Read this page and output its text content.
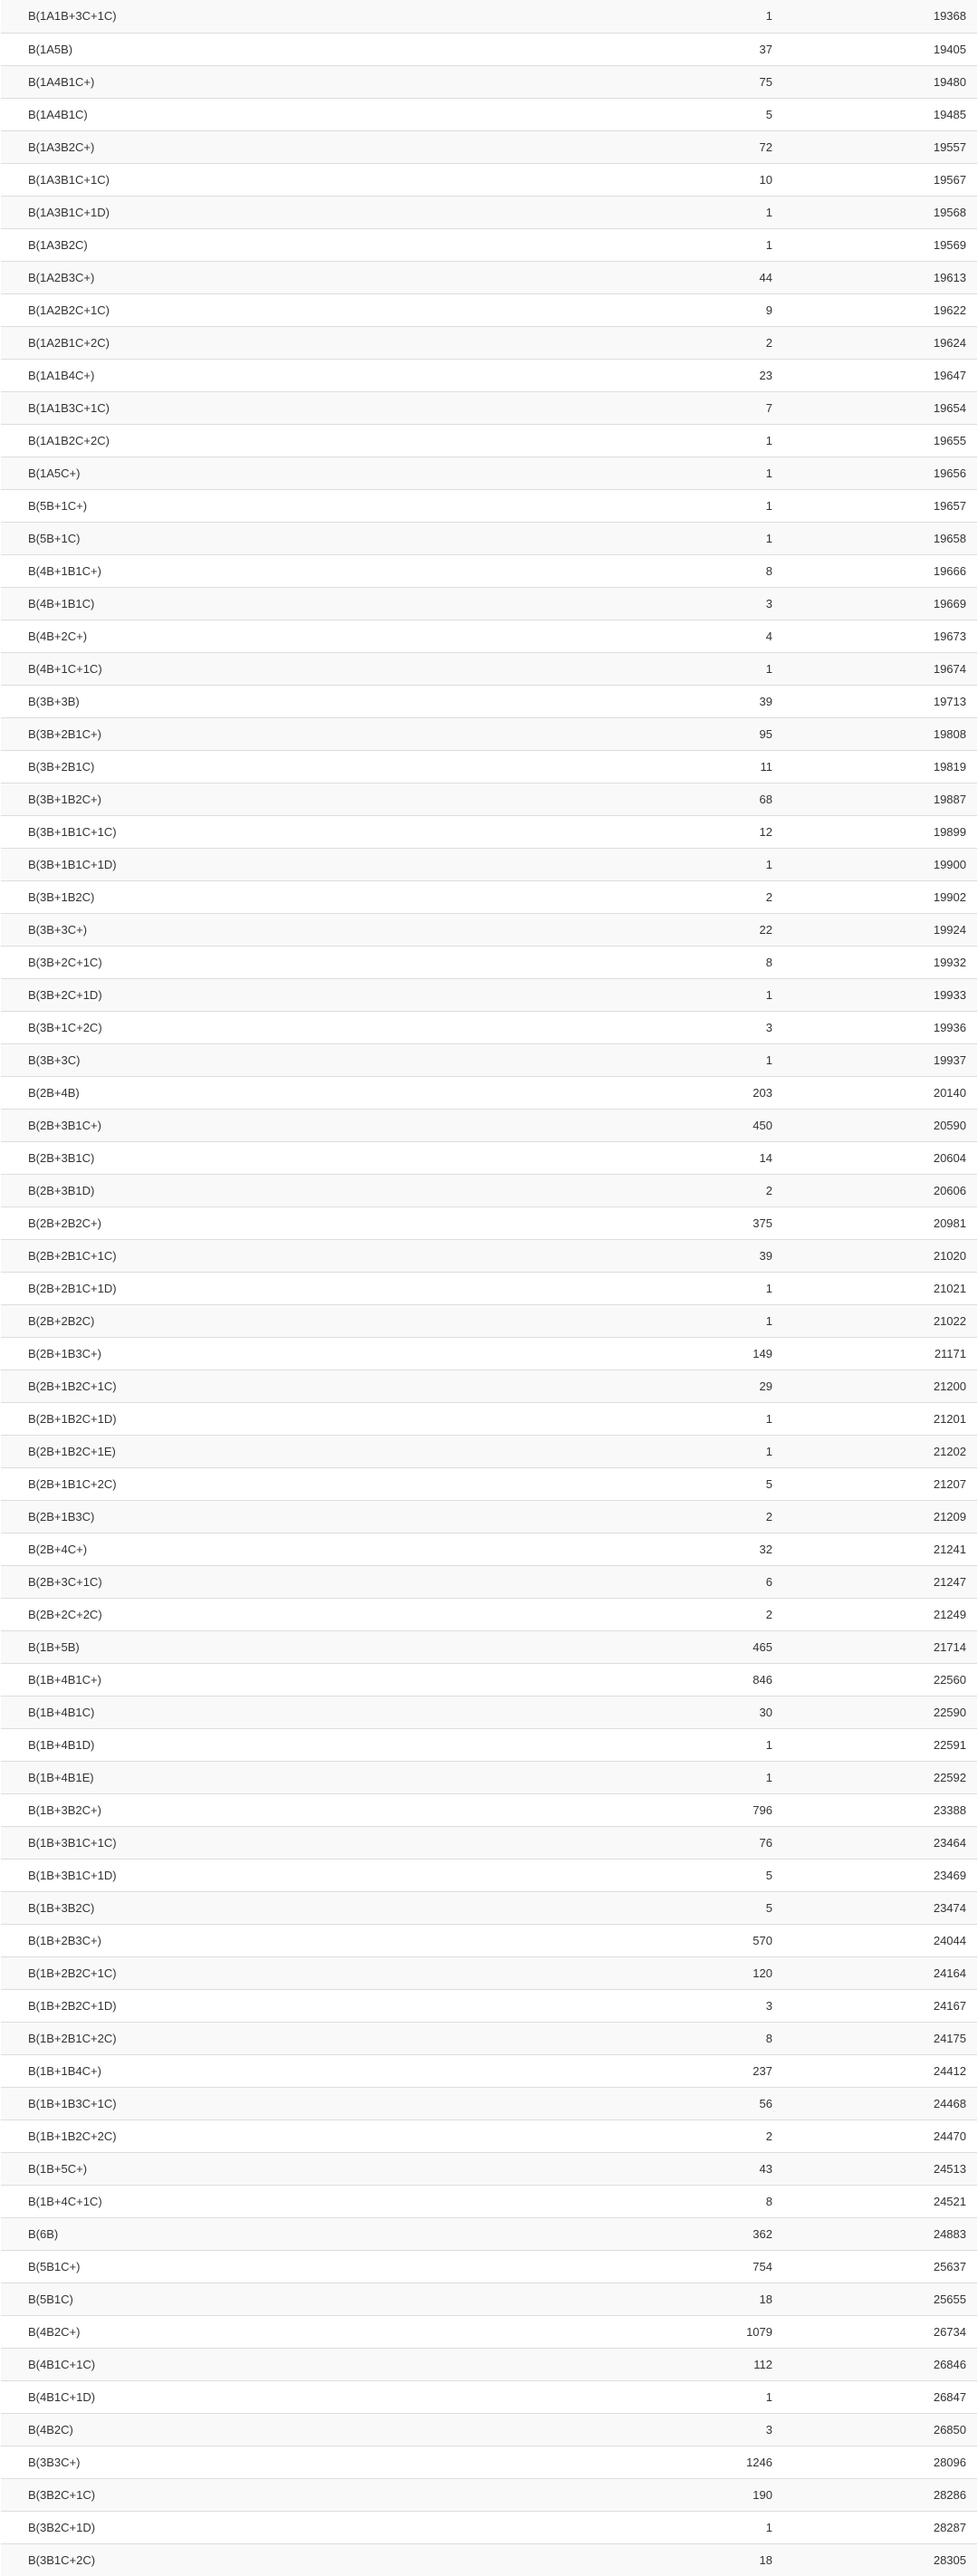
B(1A1B+3C+1C)	1	19368
B(1A5B)	37	19405
B(1A4B1C+)	75	19480
B(1A4B1C)	5	19485
B(1A3B2C+)	72	19557
B(1A3B1C+1C)	10	19567
B(1A3B1C+1D)	1	19568
B(1A3B2C)	1	19569
B(1A2B3C+)	44	19613
B(1A2B2C+1C)	9	19622
B(1A2B1C+2C)	2	19624
B(1A1B4C+)	23	19647
B(1A1B3C+1C)	7	19654
B(1A1B2C+2C)	1	19655
B(1A5C+)	1	19656
B(5B+1C+)	1	19657
B(5B+1C)	1	19658
B(4B+1B1C+)	8	19666
B(4B+1B1C)	3	19669
B(4B+2C+)	4	19673
B(4B+1C+1C)	1	19674
B(3B+3B)	39	19713
B(3B+2B1C+)	95	19808
B(3B+2B1C)	11	19819
B(3B+1B2C+)	68	19887
B(3B+1B1C+1C)	12	19899
B(3B+1B1C+1D)	1	19900
B(3B+1B2C)	2	19902
B(3B+3C+)	22	19924
B(3B+2C+1C)	8	19932
B(3B+2C+1D)	1	19933
B(3B+1C+2C)	3	19936
B(3B+3C)	1	19937
B(2B+4B)	203	20140
B(2B+3B1C+)	450	20590
B(2B+3B1C)	14	20604
B(2B+3B1D)	2	20606
B(2B+2B2C+)	375	20981
B(2B+2B1C+1C)	39	21020
B(2B+2B1C+1D)	1	21021
B(2B+2B2C)	1	21022
B(2B+1B3C+)	149	21171
B(2B+1B2C+1C)	29	21200
B(2B+1B2C+1D)	1	21201
B(2B+1B2C+1E)	1	21202
B(2B+1B1C+2C)	5	21207
B(2B+1B3C)	2	21209
B(2B+4C+)	32	21241
B(2B+3C+1C)	6	21247
B(2B+2C+2C)	2	21249
B(1B+5B)	465	21714
B(1B+4B1C+)	846	22560
B(1B+4B1C)	30	22590
B(1B+4B1D)	1	22591
B(1B+4B1E)	1	22592
B(1B+3B2C+)	796	23388
B(1B+3B1C+1C)	76	23464
B(1B+3B1C+1D)	5	23469
B(1B+3B2C)	5	23474
B(1B+2B3C+)	570	24044
B(1B+2B2C+1C)	120	24164
B(1B+2B2C+1D)	3	24167
B(1B+2B1C+2C)	8	24175
B(1B+1B4C+)	237	24412
B(1B+1B3C+1C)	56	24468
B(1B+1B2C+2C)	2	24470
B(1B+5C+)	43	24513
B(1B+4C+1C)	8	24521
B(6B)	362	24883
B(5B1C+)	754	25637
B(5B1C)	18	25655
B(4B2C+)	1079	26734
B(4B1C+1C)	112	26846
B(4B1C+1D)	1	26847
B(4B2C)	3	26850
B(3B3C+)	1246	28096
B(3B2C+1C)	190	28286
B(3B2C+1D)	1	28287
B(3B1C+2C)	18	28305
